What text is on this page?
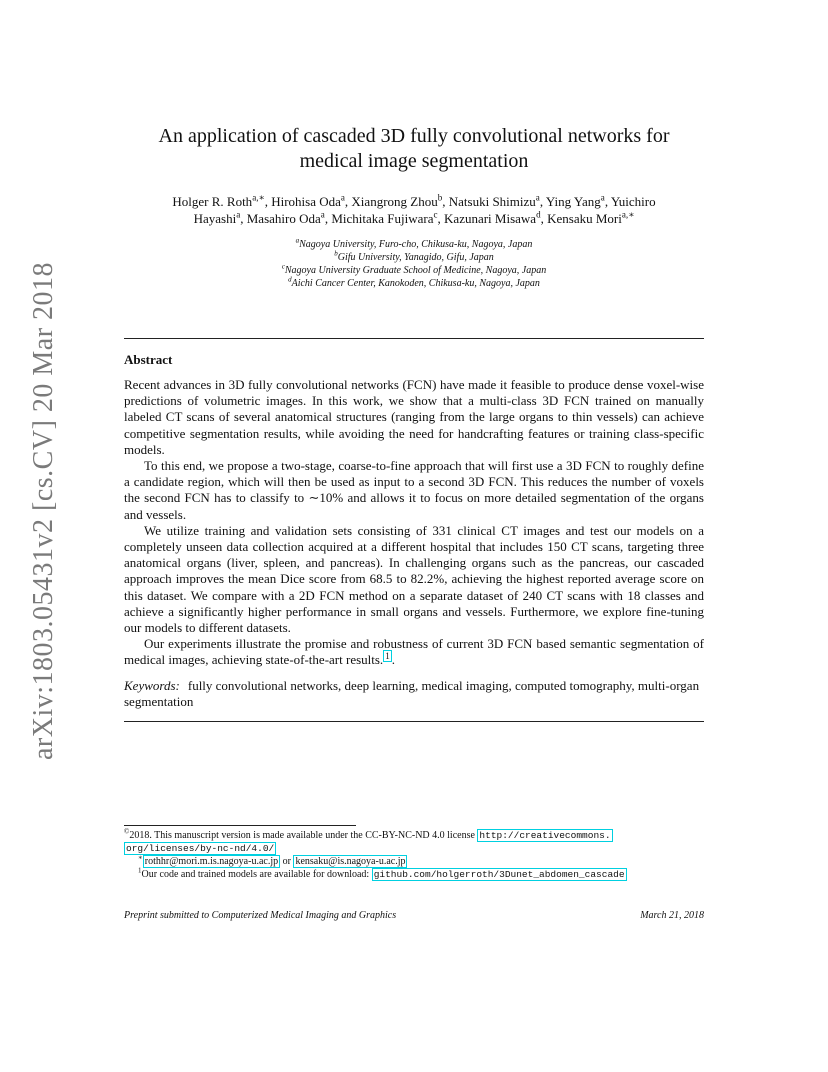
arXiv:1803.05431v2 [cs.CV] 20 Mar 2018
An application of cascaded 3D fully convolutional networks for
medical image segmentation
Holger R. Roth$^{a,∗}$, Hirohisa Oda$^a$, Xiangrong Zhou$^b$, Natsuki Shimizu$^a$, Ying Yang$^a$, Yuichiro
Hayashi$^a$, Masahiro Oda$^a$, Michitaka Fujiwara$^c$, Kazunari Misawa$^d$, Kensaku Mori$^{a,∗}$
$^a$Nagoya University, Furo-cho, Chikusa-ku, Nagoya, Japan
$^b$Gifu University, Yanagido, Gifu, Japan
$^c$Nagoya University Graduate School of Medicine, Nagoya, Japan
$^d$Aichi Cancer Center, Kanokoden, Chikusa-ku, Nagoya, Japan
Abstract

Recent advances in 3D fully convolutional networks (FCN) have made it feasible to produce dense voxel-wise predictions of volumetric images. In this work, we show that a multi-class 3D FCN trained on manually labeled CT scans of several anatomical structures (ranging from the large organs to thin vessels) can achieve competitive segmentation results, while avoiding the need for handcrafting features or training class-specific models.

To this end, we propose a two-stage, coarse-to-fine approach that will first use a 3D FCN to roughly define a candidate region, which will then be used as input to a second 3D FCN. This reduces the number of voxels the second FCN has to classify to ∼10% and allows it to focus on more detailed segmentation of the organs and vessels.

We utilize training and validation sets consisting of 331 clinical CT images and test our models on a completely unseen data collection acquired at a different hospital that includes 150 CT scans, targeting three anatomical organs (liver, spleen, and pancreas). In challenging organs such as the pancreas, our cascaded approach improves the mean Dice score from 68.5 to 82.2%, achieving the highest reported average score on this dataset. We compare with a 2D FCN method on a separate dataset of 240 CT scans with 18 classes and achieve a significantly higher performance in small organs and vessels. Furthermore, we explore fine-tuning our models to different datasets.

Our experiments illustrate the promise and robustness of current 3D FCN based semantic segmentation of medical images, achieving state-of-the-art results. $^1$ .

Keywords: fully convolutional networks, deep learning, medical imaging, computed tomography, multi-organ segmentation
©2018. This manuscript version is made available under the CC-BY-NC-ND 4.0 license http://creativecommons.
org/licenses/by-nc-nd/4.0/
∗ rothhr@mori.m.is.nagoya-u.ac.jp or kensaku@is.nagoya-u.ac.jp
$^1$Our code and trained models are available for download: github.com/holgerroth/3Dunet_abdomen_cascade
Preprint submitted to Computerized Medical Imaging and Graphics	March 21, 2018
